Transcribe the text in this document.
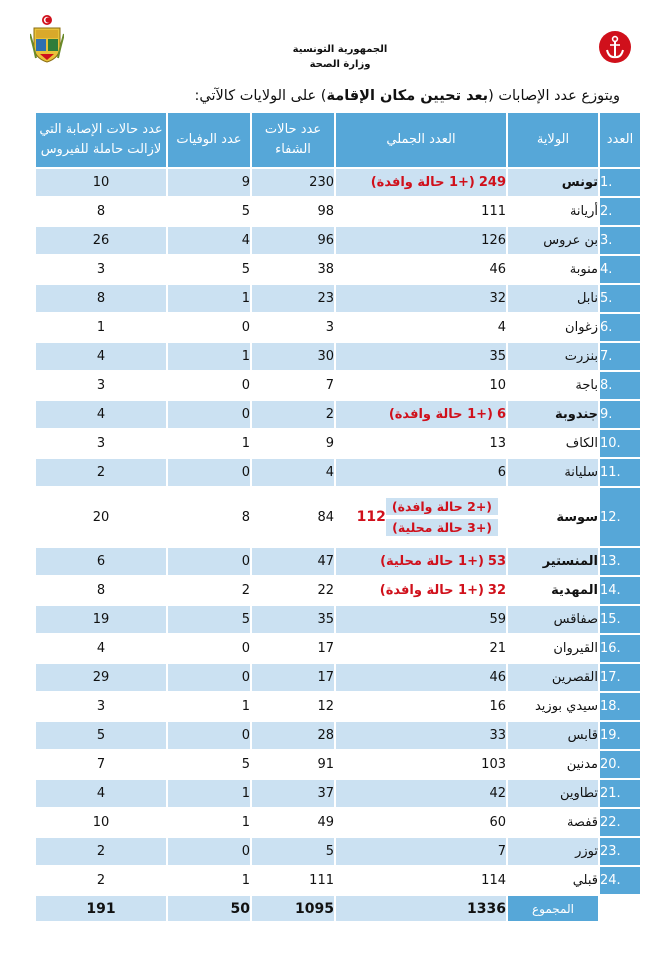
الجمهورية التونسية
وزارة الصحة
ويتوزع عدد الإصابات (بعد تحيين مكان الإقامة) على الولايات كالآتي:
العدد	الولاية	العدد الجملي	عدد حالات الشفاء	عدد الوفيات	عدد حالات الإصابة التي لازالت حاملة للفيروس
1.	تونس	249(+1 حالة وافدة)	230	9	10
2.	أريانة	111	98	5	8
3.	بن عروس	126	96	4	26
4.	منوبة	46	38	5	3
5.	نابل	32	23	1	8
6.	زغوان	4	3	0	1
7.	بنزرت	35	30	1	4
8.	باجة	10	7	0	3
9.	جندوبة	6(+1 حالة وافدة)	2	0	4
10.	الكاف	13	9	1	3
11.	سليانة	6	4	0	2
12.	سوسة	112
(+2 حالة وافدة)
(+3 حالة محلية)	84	8	20
13.	المنستير	53(+1 حالة محلية)	47	0	6
14.	المهدية	32(+1 حالة وافدة)	22	2	8
15.	صفاقس	59	35	5	19
16.	القيروان	21	17	0	4
17.	القصرين	46	17	0	29
18.	سيدي بوزيد	16	12	1	3
19.	قابس	33	28	0	5
20.	مدنين	103	91	5	7
21.	تطاوين	42	37	1	4
22.	قفصة	60	49	1	10
23.	توزر	7	5	0	2
24.	قبلي	114	111	1	2
	المجموع	1336	1095	50	191
